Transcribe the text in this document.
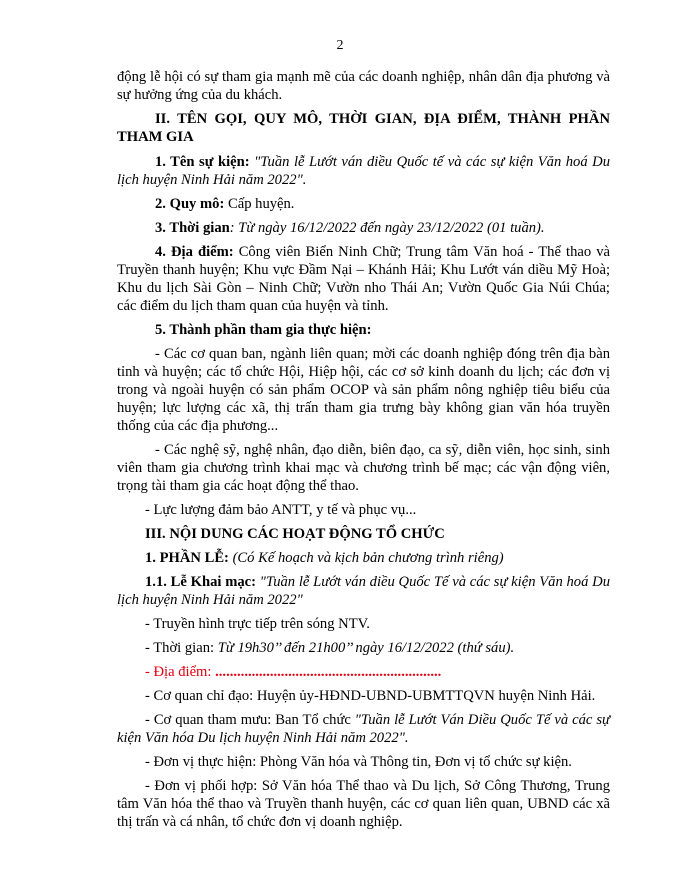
2

động lễ hội có sự tham gia mạnh mẽ của các doanh nghiệp, nhân dân địa phương và sự hưởng ứng của du khách.

II. TÊN GỌI, QUY MÔ, THỜI GIAN, ĐỊA ĐIỂM, THÀNH PHẦN THAM GIA

1. Tên sự kiện: "Tuần lễ Lướt ván diều Quốc tế và các sự kiện Văn hoá Du lịch huyện Ninh Hải năm 2022".

2. Quy mô: Cấp huyện.

3. Thời gian: Từ ngày 16/12/2022 đến ngày 23/12/2022 (01 tuần).

4. Địa điểm: Công viên Biển Ninh Chữ; Trung tâm Văn hoá - Thể thao và Truyền thanh huyện; Khu vực Đầm Nại – Khánh Hải; Khu Lướt ván diều Mỹ Hoà; Khu du lịch Sài Gòn – Ninh Chữ; Vườn nho Thái An; Vườn Quốc Gia Núi Chúa; các điểm du lịch tham quan của huyện và tỉnh.

5. Thành phần tham gia thực hiện:

- Các cơ quan ban, ngành liên quan; mời các doanh nghiệp đóng trên địa bàn tỉnh và huyện; các tổ chức Hội, Hiệp hội, các cơ sở kinh doanh du lịch; các đơn vị trong và ngoài huyện có sản phẩm OCOP và sản phẩm nông nghiệp tiêu biểu của huyện; lực lượng các xã, thị trấn tham gia trưng bày không gian văn hóa truyền thống của các địa phương...

- Các nghệ sỹ, nghệ nhân, đạo diễn, biên đạo, ca sỹ, diễn viên, học sinh, sinh viên tham gia chương trình khai mạc và chương trình bế mạc; các vận động viên, trọng tài tham gia các hoạt động thể thao.

- Lực lượng đảm bảo ANTT, y tế và phục vụ...

III. NỘI DUNG CÁC HOẠT ĐỘNG TỔ CHỨC

1. PHẦN LỄ: (Có Kế hoạch và kịch bản chương trình riêng)

1.1. Lễ Khai mạc: "Tuần lễ Lướt ván diều Quốc Tế và các sự kiện Văn hoá Du lịch huyện Ninh Hải năm 2022"

- Truyền hình trực tiếp trên sóng NTV.

- Thời gian: Từ 19h30’’ đến 21h00’’ ngày 16/12/2022 (thứ sáu).

- Địa điểm: ..............................................................

- Cơ quan chỉ đạo: Huyện ủy-HĐND-UBND-UBMTTQVN huyện Ninh Hải.

- Cơ quan tham mưu: Ban Tổ chức "Tuần lễ Lướt Ván Diều Quốc Tế và các sự kiện Văn hóa Du lịch huyện Ninh Hải năm 2022".

- Đơn vị thực hiện: Phòng Văn hóa và Thông tin, Đơn vị tổ chức sự kiện.

- Đơn vị phối hợp: Sở Văn hóa Thể thao và Du lịch, Sở Công Thương, Trung tâm Văn hóa thể thao và Truyền thanh huyện, các cơ quan liên quan, UBND các xã thị trấn và cá nhân, tổ chức đơn vị doanh nghiệp.
